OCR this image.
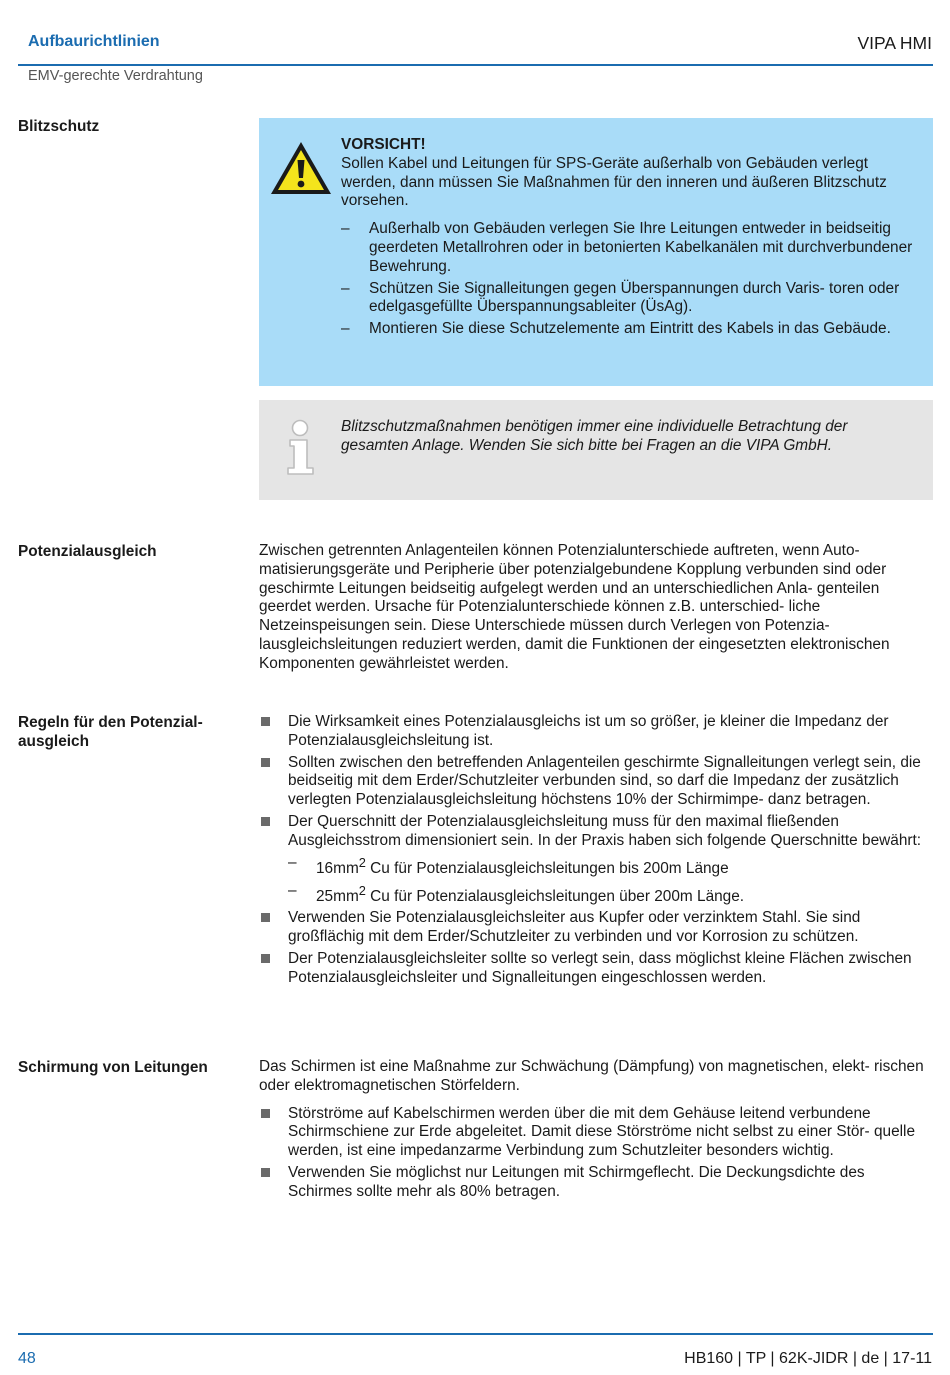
Aufbaurichtlinien	VIPA HMI
EMV-gerechte Verdrahtung
Blitzschutz
VORSICHT!

Sollen Kabel und Leitungen für SPS-Geräte außerhalb von Gebäuden verlegt werden, dann müssen Sie Maßnahmen für den inneren und äußeren Blitzschutz vorsehen.

– Außerhalb von Gebäuden verlegen Sie Ihre Leitungen entweder in beidseitig geerdeten Metallrohren oder in betonierten Kabelkanälen mit durchverbundener Bewehrung.
– Schützen Sie Signalleitungen gegen Überspannungen durch Varis- toren oder edelgasgefüllte Überspannungsableiter (ÜsAg).
– Montieren Sie diese Schutzelemente am Eintritt des Kabels in das Gebäude.
Blitzschutzmaßnahmen benötigen immer eine individuelle Betrachtung der gesamten Anlage. Wenden Sie sich bitte bei Fragen an die VIPA GmbH.
Potenzialausgleich	Zwischen getrennten Anlagenteilen können Potenzialunterschiede auftreten, wenn Auto- matisierungsgeräte und Peripherie über potenzialgebundene Kopplung verbunden sind oder geschirmte Leitungen beidseitig aufgelegt werden und an unterschiedlichen Anla- genteilen geerdet werden. Ursache für Potenzialunterschiede können z.B. unterschied- liche Netzeinspeisungen sein. Diese Unterschiede müssen durch Verlegen von Potenzia- lausgleichsleitungen reduziert werden, damit die Funktionen der eingesetzten elektronischen Komponenten gewährleistet werden.
Regeln für den Potenzial- ausgleich
Die Wirksamkeit eines Potenzialausgleichs ist um so größer, je kleiner die Impedanz der Potenzialausgleichsleitung ist.
Sollten zwischen den betreffenden Anlagenteilen geschirmte Signalleitungen verlegt sein, die beidseitig mit dem Erder/Schutzleiter verbunden sind, so darf die Impedanz der zusätzlich verlegten Potenzialausgleichsleitung höchstens 10% der Schirmimpe- danz betragen.
Der Querschnitt der Potenzialausgleichsleitung muss für den maximal fließenden Ausgleichsstrom dimensioniert sein. In der Praxis haben sich folgende Querschnitte bewährt:
– $16mm^2$ Cu für Potenzialausgleichsleitungen bis 200m Länge
– $25mm^2$ Cu für Potenzialausgleichsleitungen über 200m Länge.
Verwenden Sie Potenzialausgleichsleiter aus Kupfer oder verzinktem Stahl. Sie sind großflächig mit dem Erder/Schutzleiter zu verbinden und vor Korrosion zu schützen.
Der Potenzialausgleichsleiter sollte so verlegt sein, dass möglichst kleine Flächen zwischen Potenzialausgleichsleiter und Signalleitungen eingeschlossen werden.
Schirmung von Leitungen	Das Schirmen ist eine Maßnahme zur Schwächung (Dämpfung) von magnetischen, elekt- rischen oder elektromagnetischen Störfeldern.

Störströme auf Kabelschirmen werden über die mit dem Gehäuse leitend verbundene Schirmschiene zur Erde abgeleitet. Damit diese Störströme nicht selbst zu einer Stör- quelle werden, ist eine impedanzarme Verbindung zum Schutzleiter besonders wichtig.
Verwenden Sie möglichst nur Leitungen mit Schirmgeflecht. Die Deckungsdichte des Schirmes sollte mehr als 80% betragen.
48	HB160 | TP | 62K-JIDR | de | 17-11
